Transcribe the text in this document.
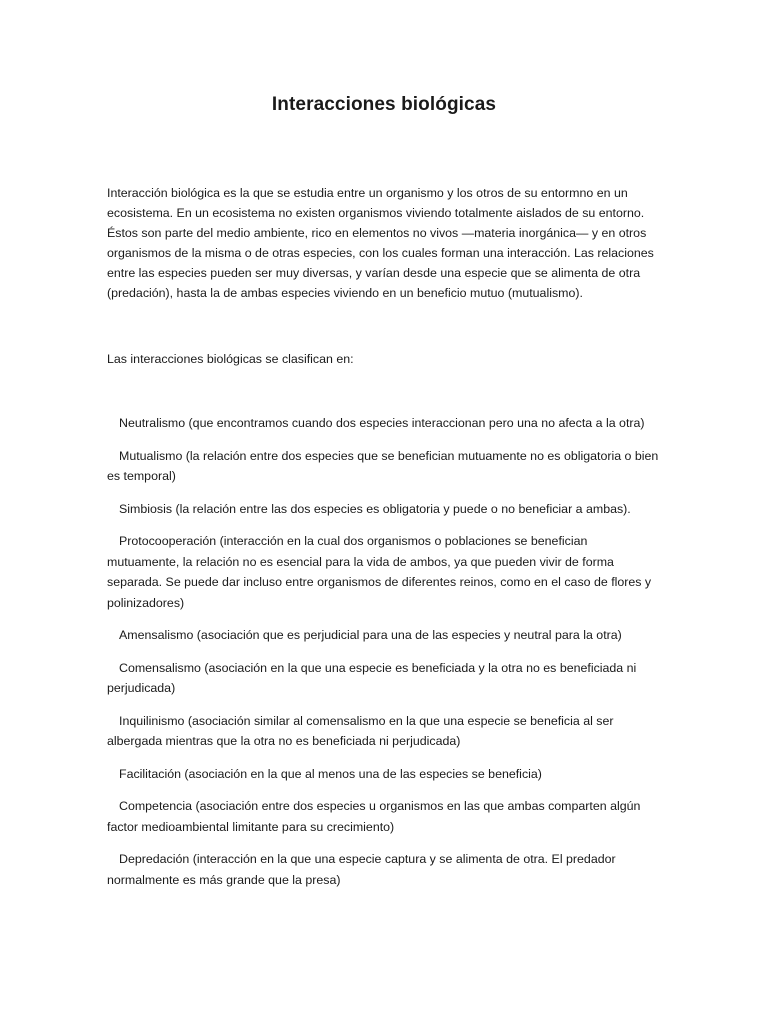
Interacciones biológicas

Interacción biológica es la que se estudia entre un organismo y los otros de su entormno en un ecosistema. En un ecosistema no existen organismos viviendo totalmente aislados de su entorno. Éstos son parte del medio ambiente, rico en elementos no vivos —materia inorgánica— y en otros organismos de la misma o de otras especies, con los cuales forman una interacción. Las relaciones entre las especies pueden ser muy diversas, y varían desde una especie que se alimenta de otra (predación), hasta la de ambas especies viviendo en un beneficio mutuo (mutualismo).

Las interacciones biológicas se clasifican en:

Neutralismo (que encontramos cuando dos especies interaccionan pero una no afecta a la otra)
Mutualismo (la relación entre dos especies que se benefician mutuamente no es obligatoria o bien es temporal)
Simbiosis (la relación entre las dos especies es obligatoria y puede o no beneficiar a ambas).
Protocooperación (interacción en la cual dos organismos o poblaciones se benefician mutuamente, la relación no es esencial para la vida de ambos, ya que pueden vivir de forma separada. Se puede dar incluso entre organismos de diferentes reinos, como en el caso de flores y polinizadores)
Amensalismo (asociación que es perjudicial para una de las especies y neutral para la otra)
Comensalismo (asociación en la que una especie es beneficiada y la otra no es beneficiada ni perjudicada)
Inquilinismo (asociación similar al comensalismo en la que una especie se beneficia al ser albergada mientras que la otra no es beneficiada ni perjudicada)
Facilitación (asociación en la que al menos una de las especies se beneficia)
Competencia (asociación entre dos especies u organismos en las que ambas comparten algún factor medioambiental limitante para su crecimiento)
Depredación (interacción en la que una especie captura y se alimenta de otra. El predador normalmente es más grande que la presa)
